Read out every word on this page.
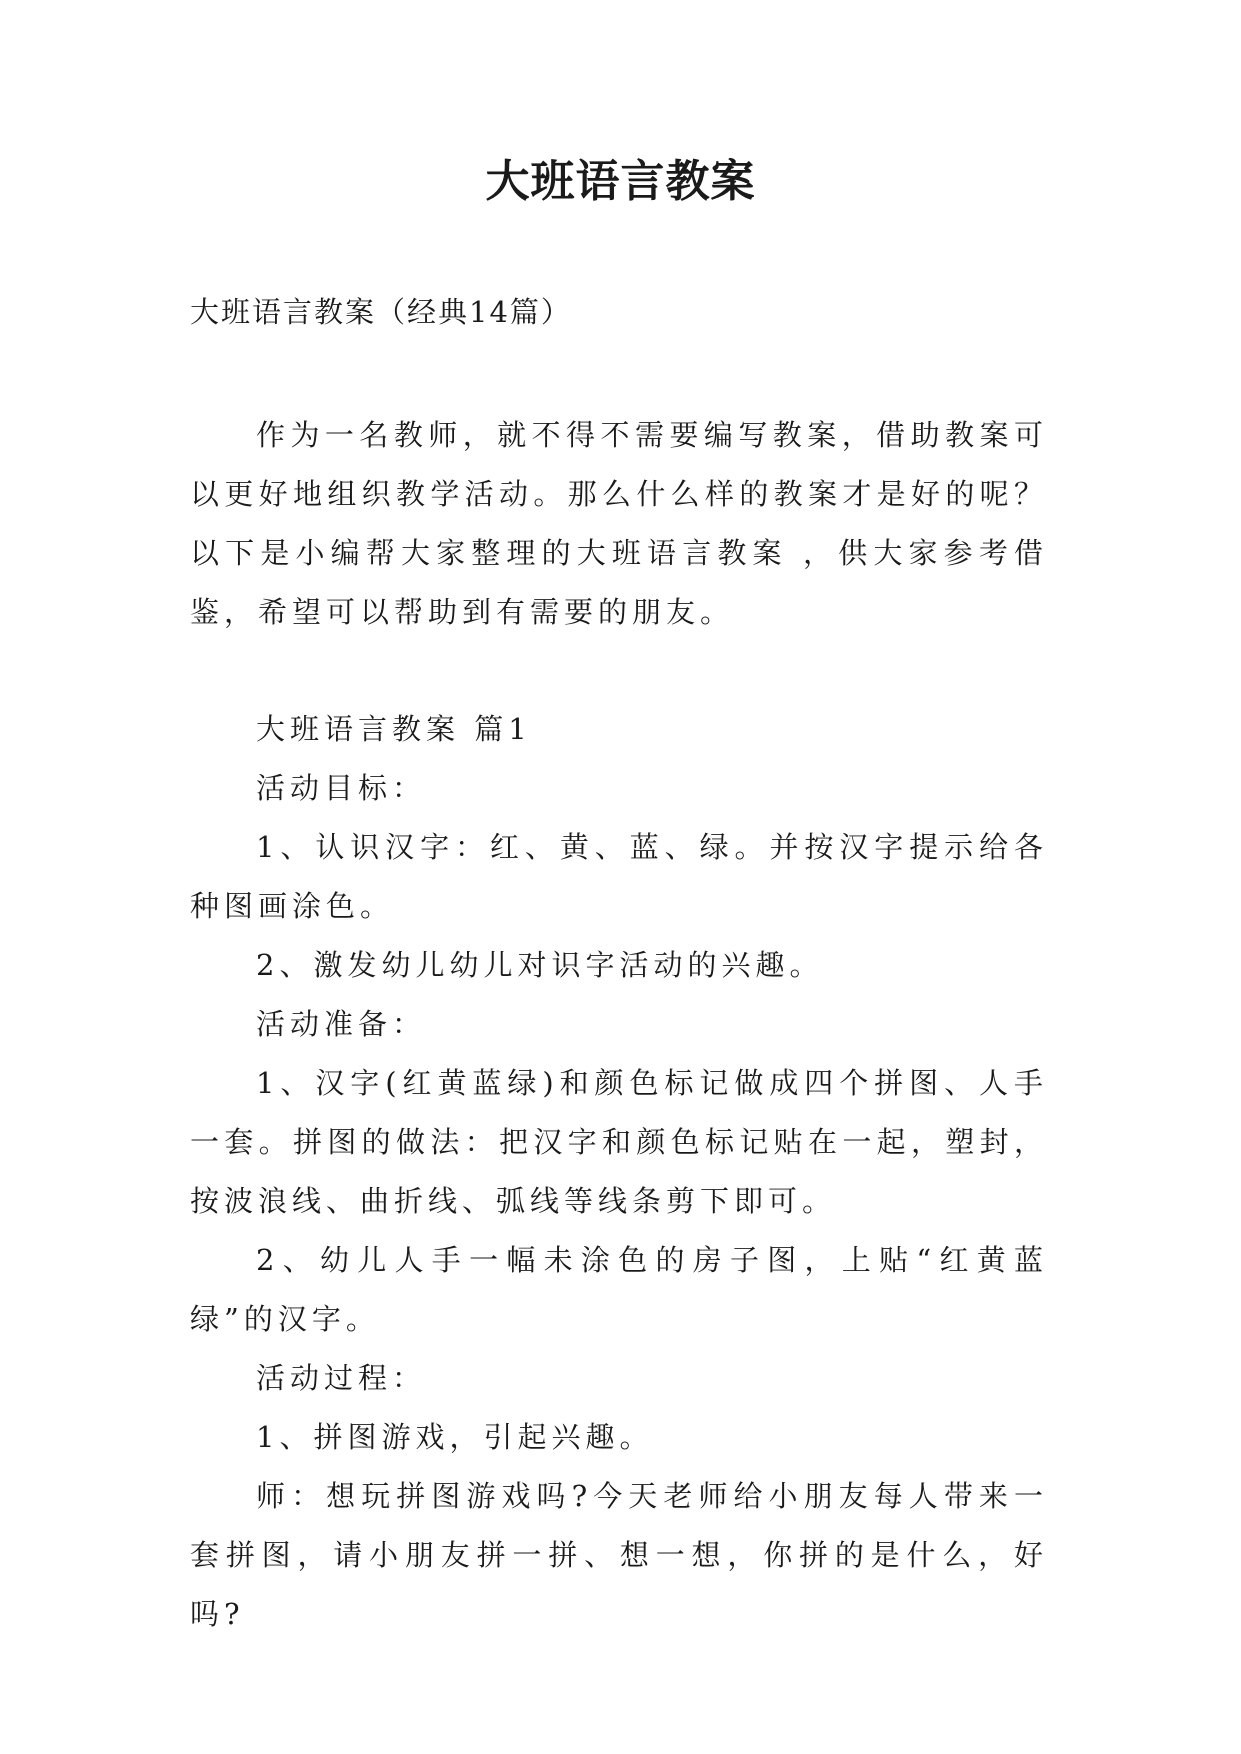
大班语言教案

大班语言教案（经典14篇）

作为一名教师，就不得不需要编写教案，借助教案可以更好地组织教学活动。那么什么样的教案才是好的呢？以下是小编帮大家整理的大班语言教案 ，供大家参考借鉴，希望可以帮助到有需要的朋友。

大班语言教案 篇1

活动目标：

1、认识汉字：红、黄、蓝、绿。并按汉字提示给各种图画涂色。

2、激发幼儿幼儿对识字活动的兴趣。

活动准备：

1、汉字(红黄蓝绿)和颜色标记做成四个拼图、人手一套。拼图的做法：把汉字和颜色标记贴在一起，塑封，按波浪线、曲折线、弧线等线条剪下即可。

2、幼儿人手一幅未涂色的房子图，上贴“红黄蓝绿”的汉字。

活动过程：

1、拼图游戏，引起兴趣。

师：想玩拼图游戏吗?今天老师给小朋友每人带来一套拼图，请小朋友拼一拼、想一想，你拼的是什么，好吗?
